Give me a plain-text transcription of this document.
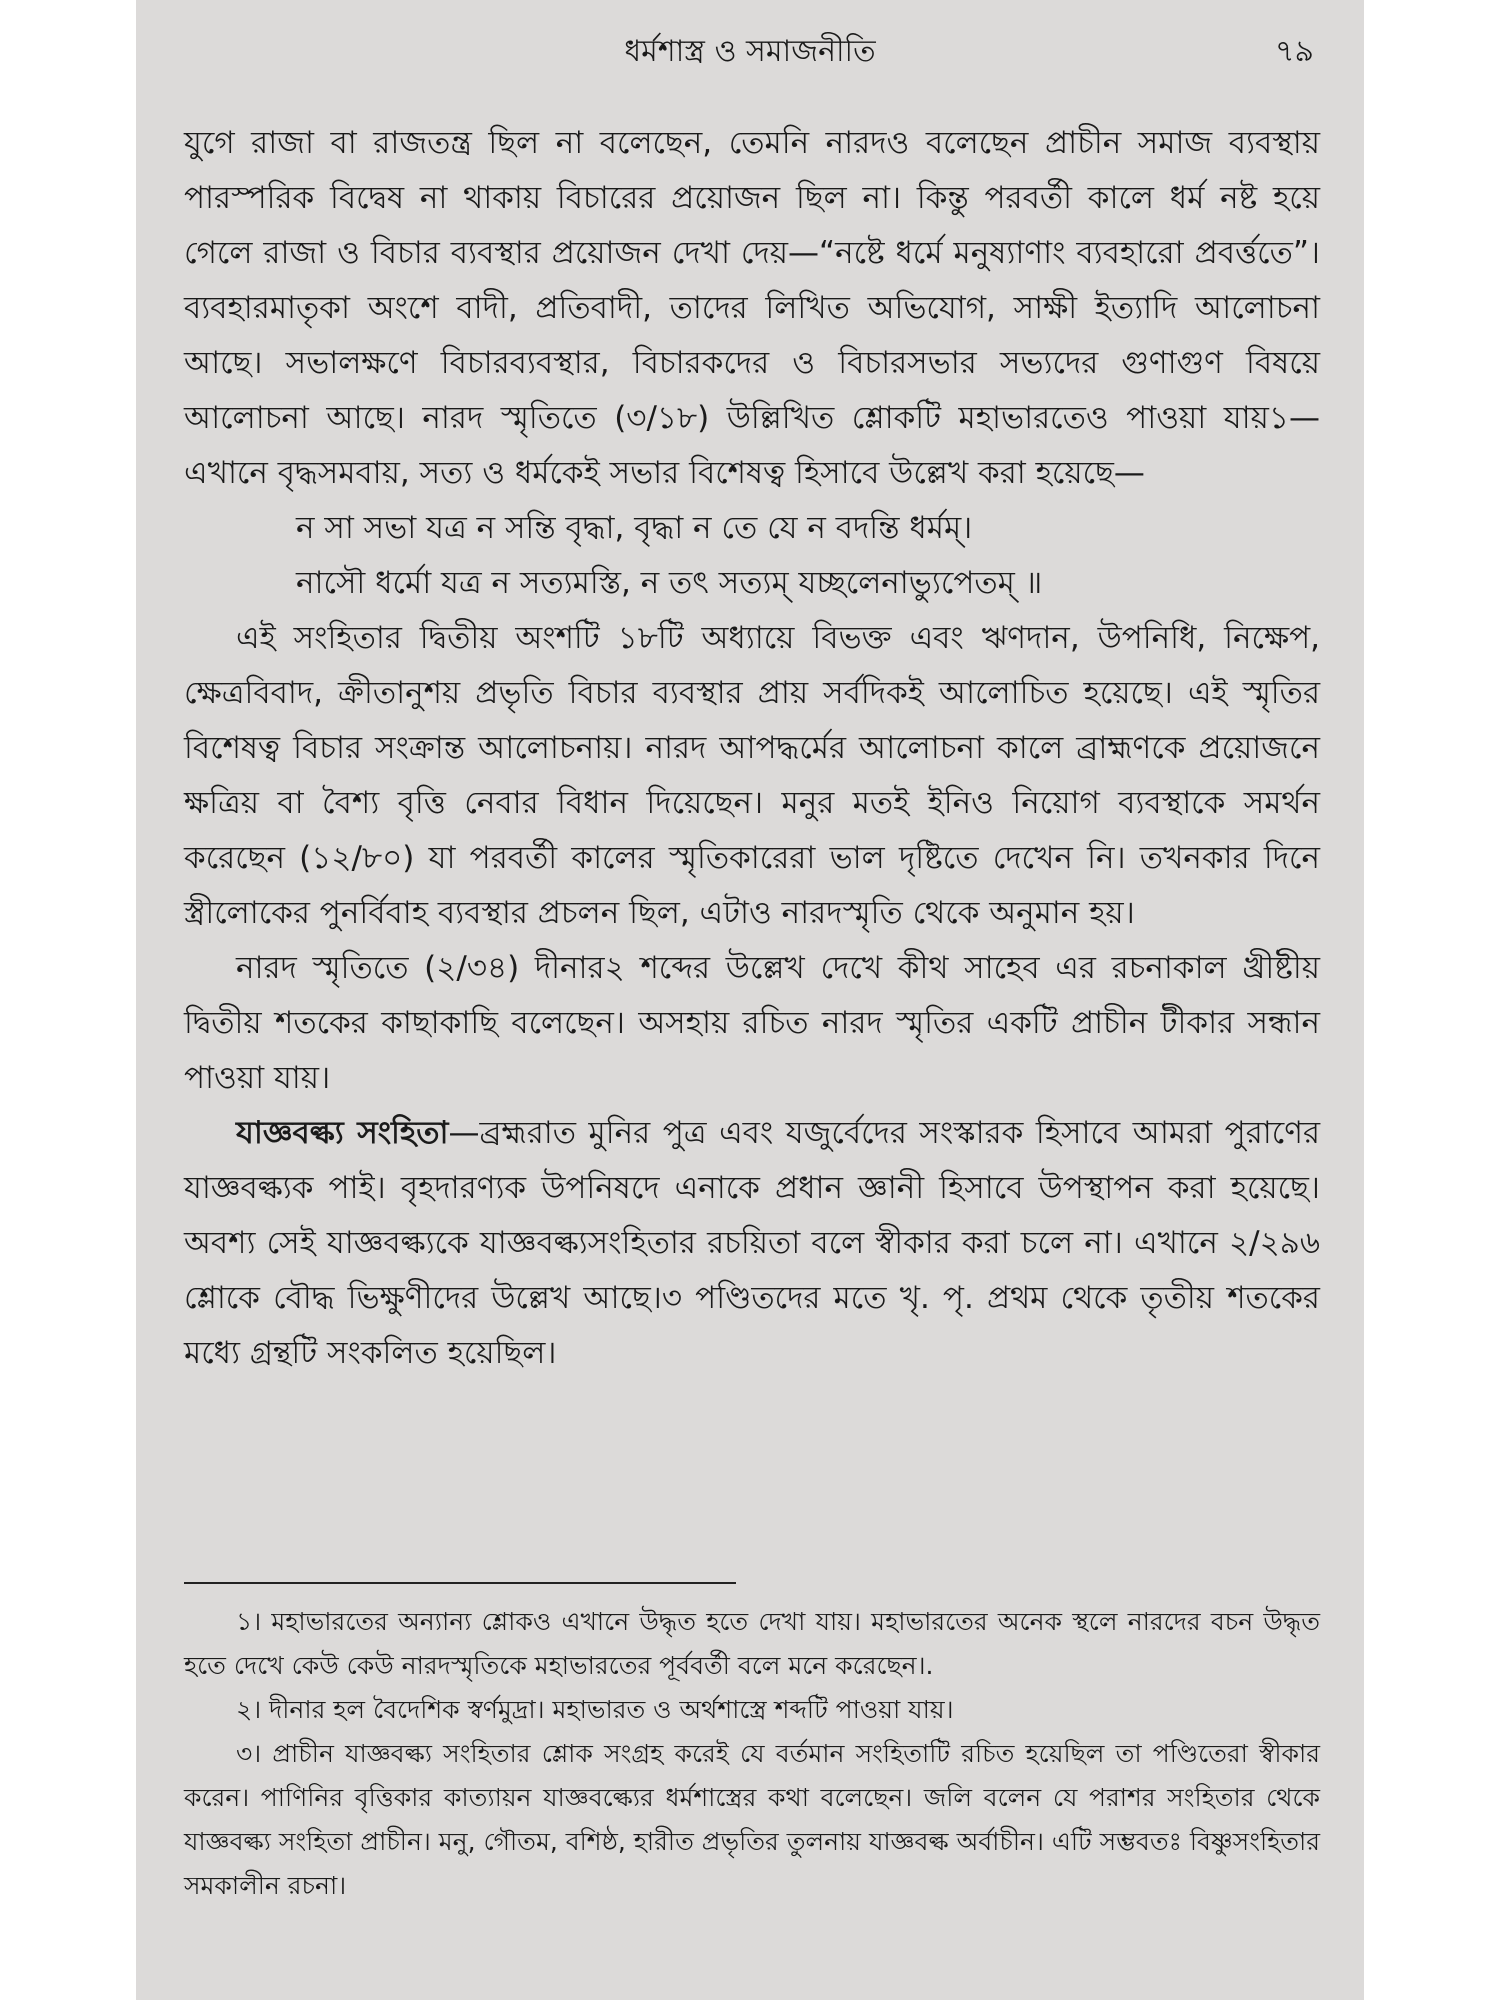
ধর্মশাস্ত্র ও সমাজনীতি	৭৯

যুগে রাজা বা রাজতন্ত্র ছিল না বলেছেন, তেমনি নারদও বলেছেন প্রাচীন সমাজ ব্যবস্থায় পারস্পরিক বিদ্বেষ না থাকায় বিচারের প্রয়োজন ছিল না। কিন্তু পরবর্তী কালে ধর্ম নষ্ট হয়ে গেলে রাজা ও বিচার ব্যবস্থার প্রয়োজন দেখা দেয়—“নষ্টে ধর্মে মনুষ্যাণাং ব্যবহারো প্রবর্ত্ততে”। ব্যবহারমাতৃকা অংশে বাদী, প্রতিবাদী, তাদের লিখিত অভিযোগ, সাক্ষী ইত্যাদি আলোচনা আছে। সভালক্ষণে বিচারব্যবস্থার, বিচারকদের ও বিচারসভার সভ্যদের গুণাগুণ বিষয়ে আলোচনা আছে। নারদ স্মৃতিতে (৩/১৮) উল্লিখিত শ্লোকটি মহাভারতেও পাওয়া যায়১—এখানে বৃদ্ধসমবায়, সত্য ও ধর্মকেই সভার বিশেষত্ব হিসাবে উল্লেখ করা হয়েছে—

ন সা সভা যত্র ন সন্তি বৃদ্ধা, বৃদ্ধা ন তে যে ন বদন্তি ধর্মম্।

নাসৌ ধর্মো যত্র ন সত্যমস্তি, ন তৎ সত্যম্ যচ্ছলেনাভ্যুপেতম্ ॥

এই সংহিতার দ্বিতীয় অংশটি ১৮টি অধ্যায়ে বিভক্ত এবং ঋণদান, উপনিধি, নিক্ষেপ, ক্ষেত্রবিবাদ, ক্রীতানুশয় প্রভৃতি বিচার ব্যবস্থার প্রায় সর্বদিকই আলোচিত হয়েছে। এই স্মৃতির বিশেষত্ব বিচার সংক্রান্ত আলোচনায়। নারদ আপদ্ধর্মের আলোচনা কালে ব্রাহ্মণকে প্রয়োজনে ক্ষত্রিয় বা বৈশ্য বৃত্তি নেবার বিধান দিয়েছেন। মনুর মতই ইনিও নিয়োগ ব্যবস্থাকে সমর্থন করেছেন (১২/৮০) যা পরবর্তী কালের স্মৃতিকারেরা ভাল দৃষ্টিতে দেখেন নি। তখনকার দিনে স্ত্রীলোকের পুনর্বিবাহ ব্যবস্থার প্রচলন ছিল, এটাও নারদস্মৃতি থেকে অনুমান হয়।

নারদ স্মৃতিতে (২/৩৪) দীনার২ শব্দের উল্লেখ দেখে কীথ সাহেব এর রচনাকাল খ্রীষ্টীয় দ্বিতীয় শতকের কাছাকাছি বলেছেন। অসহায় রচিত নারদ স্মৃতির একটি প্রাচীন টীকার সন্ধান পাওয়া যায়।

যাজ্ঞবল্ক্য সংহিতা—ব্রহ্মরাত মুনির পুত্র এবং যজুর্বেদের সংস্কারক হিসাবে আমরা পুরাণের যাজ্ঞবল্ক্যক পাই। বৃহদারণ্যক উপনিষদে এনাকে প্রধান জ্ঞানী হিসাবে উপস্থাপন করা হয়েছে। অবশ্য সেই যাজ্ঞবল্ক্যকে যাজ্ঞবল্ক্যসংহিতার রচয়িতা বলে স্বীকার করা চলে না। এখানে ২/২৯৬ শ্লোকে বৌদ্ধ ভিক্ষুণীদের উল্লেখ আছে।৩ পণ্ডিতদের মতে খৃ. পৃ. প্রথম থেকে তৃতীয় শতকের মধ্যে গ্রন্থটি সংকলিত হয়েছিল।

১। মহাভারতের অন্যান্য শ্লোকও এখানে উদ্ধৃত হতে দেখা যায়। মহাভারতের অনেক স্থলে নারদের বচন উদ্ধৃত হতে দেখে কেউ কেউ নারদস্মৃতিকে মহাভারতের পূর্ববর্তী বলে মনে করেছেন।.

২। দীনার হল বৈদেশিক স্বর্ণমুদ্রা। মহাভারত ও অর্থশাস্ত্রে শব্দটি পাওয়া যায়।

৩। প্রাচীন যাজ্ঞবল্ক্য সংহিতার শ্লোক সংগ্রহ করেই যে বর্তমান সংহিতাটি রচিত হয়েছিল তা পণ্ডিতেরা স্বীকার করেন। পাণিনির বৃত্তিকার কাত্যায়ন যাজ্ঞবল্ক্যের ধর্মশাস্ত্রের কথা বলেছেন। জলি বলেন যে পরাশর সংহিতার থেকে যাজ্ঞবল্ক্য সংহিতা প্রাচীন। মনু, গৌতম, বশিষ্ঠ, হারীত প্রভৃতির তুলনায় যাজ্ঞবল্ক অর্বাচীন। এটি সম্ভবতঃ বিষ্ণুসংহিতার সমকালীন রচনা।
